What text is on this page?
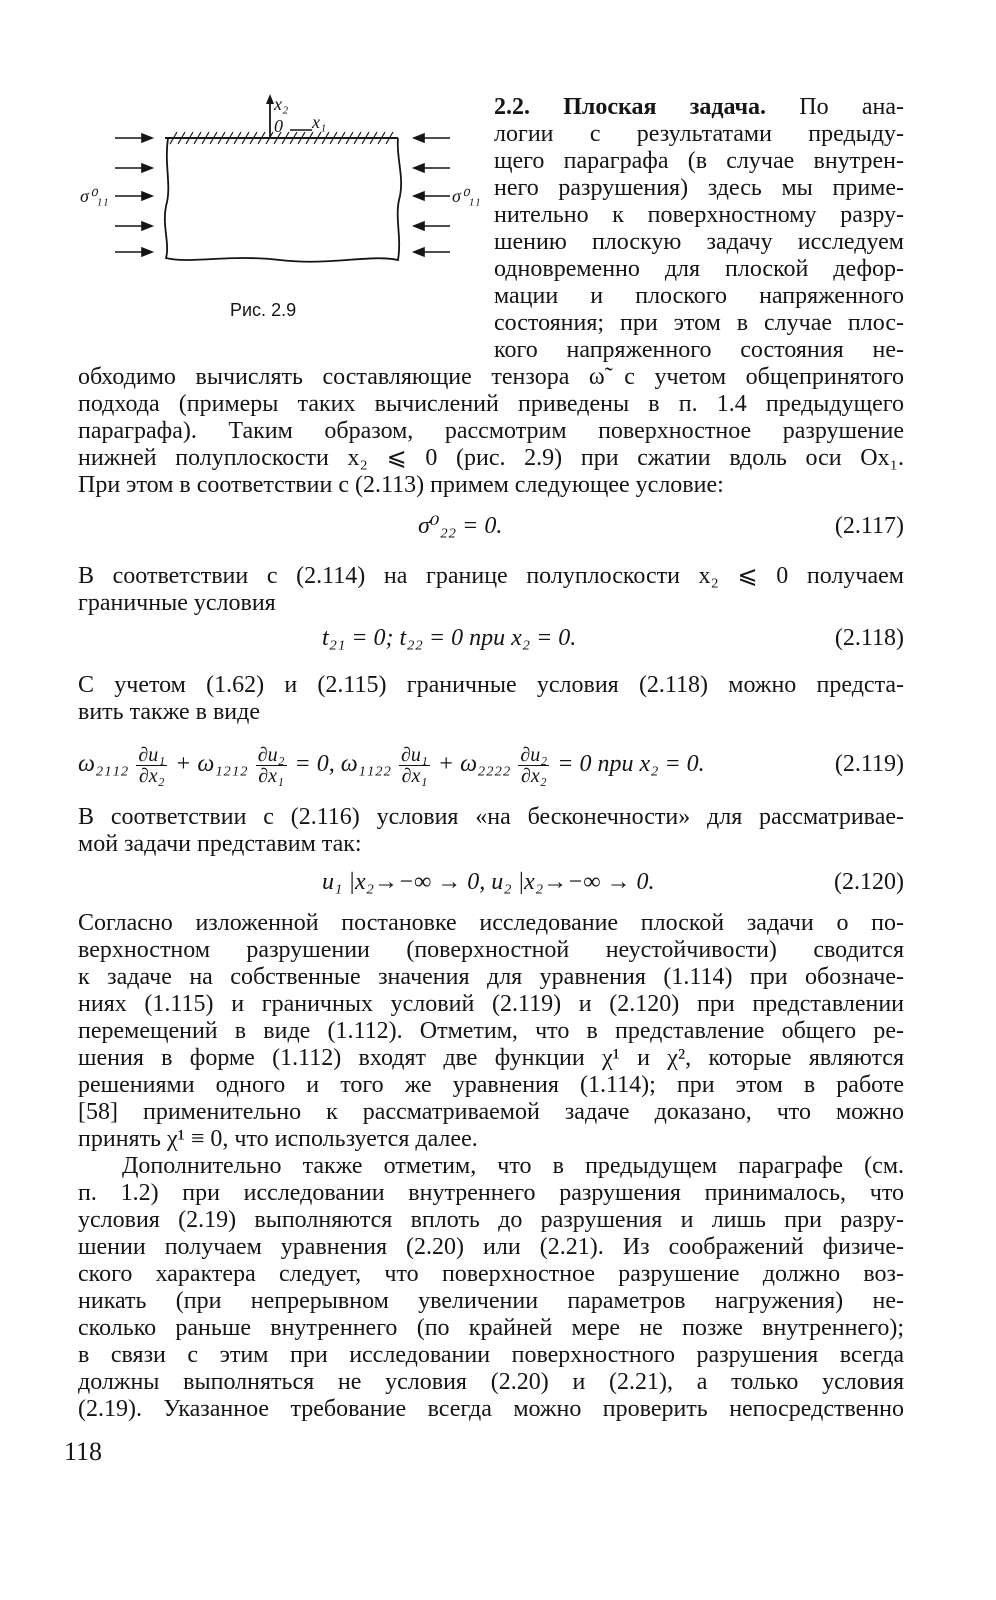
x₂
0 x₁
σ⁰₁₁	σ⁰₁₁
Рис. 2.9
2.2. Плоская задача. По ана-
логии с результатами предыду-
щего параграфа (в случае внутрен-
него разрушения) здесь мы приме-
нительно к поверхностному разру-
шению плоскую задачу исследуем
одновременно для плоской дефор-
мации и плоского напряженного
состояния; при этом в случае плос-
кого напряженного состояния не-
обходимо вычислять составляющие тензора ω̃ с учетом общепринятого
подхода (примеры таких вычислений приведены в п. 1.4 предыдущего
параграфа). Таким образом, рассмотрим поверхностное разрушение
нижней полуплоскости x₂ ⩽ 0 (рис. 2.9) при сжатии вдоль оси Ox₁.
При этом в соответствии с (2.113) примем следующее условие:
σ⁰₂₂ = 0.	(2.117)
В соответствии с (2.114) на границе полуплоскости x₂ ⩽ 0 получаем
граничные условия
t₂₁ = 0; t₂₂ = 0 при x₂ = 0.	(2.118)
С учетом (1.62) и (2.115) граничные условия (2.118) можно предста-
вить также в виде
$\omega_{2112} \frac{\text{∂u₁}}{\text{∂x₂}} + \omega_{1212} \frac{\text{∂u₂}}{\text{∂x₁}} = 0$, $\omega_{1122} \frac{\text{∂u₁}}{\text{∂x₁}} + \omega_{2222} \frac{\text{∂u₂}}{\text{∂x₂}} = 0$ при x₂ = 0.	(2.119)
В соответствии с (2.116) условия «на бесконечности» для рассматривае-
мой задачи представим так:
u₁ |x₂→−∞ → 0, u₂ |x₂→−∞ → 0.	(2.120)
Согласно изложенной постановке исследование плоской задачи о по-
верхностном разрушении (поверхностной неустойчивости) сводится
к задаче на собственные значения для уравнения (1.114) при обозначе-
ниях (1.115) и граничных условий (2.119) и (2.120) при представлении
перемещений в виде (1.112). Отметим, что в представление общего ре-
шения в форме (1.112) входят две функции χ¹ и χ², которые являются
решениями одного и того же уравнения (1.114); при этом в работе
[58] применительно к рассматриваемой задаче доказано, что можно
принять χ¹ ≡ 0, что используется далее.
Дополнительно также отметим, что в предыдущем параграфе (см.
п. 1.2) при исследовании внутреннего разрушения принималось, что
условия (2.19) выполняются вплоть до разрушения и лишь при разру-
шении получаем уравнения (2.20) или (2.21). Из соображений физиче-
ского характера следует, что поверхностное разрушение должно воз-
никать (при непрерывном увеличении параметров нагружения) не-
сколько раньше внутреннего (по крайней мере не позже внутреннего);
в связи с этим при исследовании поверхностного разрушения всегда
должны выполняться не условия (2.20) и (2.21), а только условия
(2.19). Указанное требование всегда можно проверить непосредственно
118
